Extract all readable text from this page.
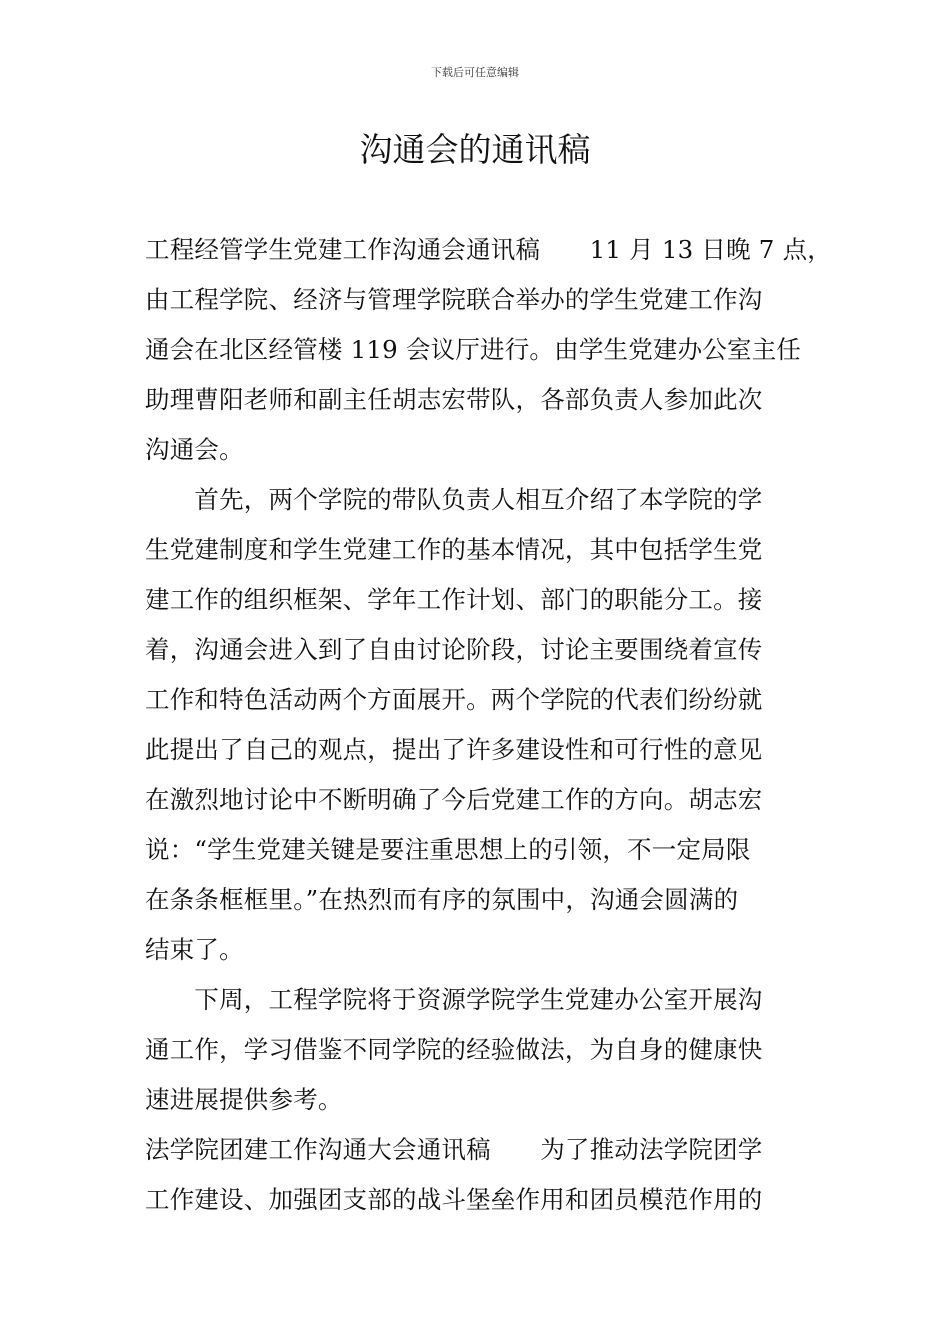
下载后可任意编辑
沟通会的通讯稿
工程经管学生党建工作沟通会通讯稿　　11 月 13 日晚 7 点，
由工程学院、经济与管理学院联合举办的学生党建工作沟
通会在北区经管楼 119 会议厅进行。由学生党建办公室主任
助理曹阳老师和副主任胡志宏带队，各部负责人参加此次
沟通会。
　　首先，两个学院的带队负责人相互介绍了本学院的学
生党建制度和学生党建工作的基本情况，其中包括学生党
建工作的组织框架、学年工作计划、部门的职能分工。接
着，沟通会进入到了自由讨论阶段，讨论主要围绕着宣传
工作和特色活动两个方面展开。两个学院的代表们纷纷就
此提出了自己的观点，提出了许多建设性和可行性的意见
在激烈地讨论中不断明确了今后党建工作的方向。胡志宏
说：“学生党建关键是要注重思想上的引领，不一定局限
在条条框框里。”在热烈而有序的氛围中，沟通会圆满的
结束了。
　　下周，工程学院将于资源学院学生党建办公室开展沟
通工作，学习借鉴不同学院的经验做法，为自身的健康快
速进展提供参考。
法学院团建工作沟通大会通讯稿　　为了推动法学院团学
工作建设、加强团支部的战斗堡垒作用和团员模范作用的
